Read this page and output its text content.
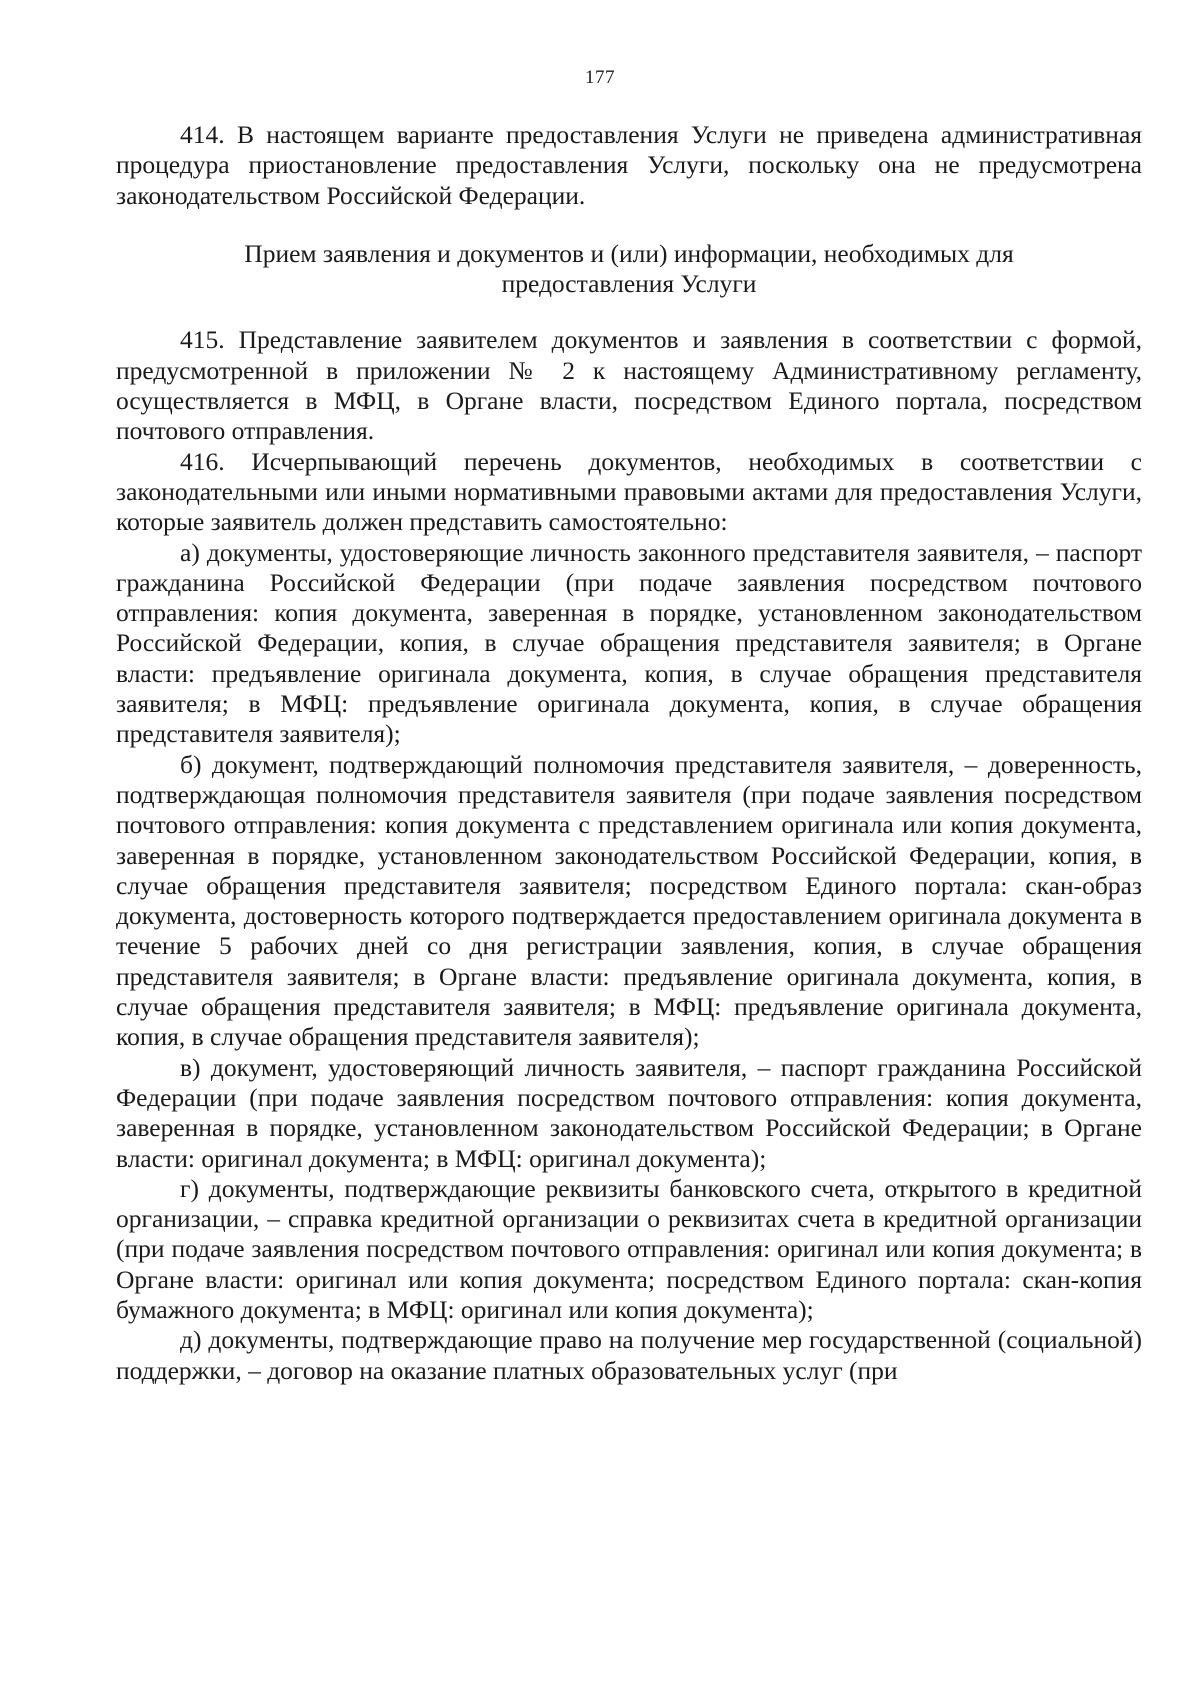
177

414. В настоящем варианте предоставления Услуги не приведена административная процедура приостановление предоставления Услуги, поскольку она не предусмотрена законодательством Российской Федерации.

Прием заявления и документов и (или) информации, необходимых для предоставления Услуги

415. Представление заявителем документов и заявления в соответствии с формой, предусмотренной в приложении № 2 к настоящему Административному регламенту, осуществляется в МФЦ, в Органе власти, посредством Единого портала, посредством почтового отправления.

416. Исчерпывающий перечень документов, необходимых в соответствии с законодательными или иными нормативными правовыми актами для предоставления Услуги, которые заявитель должен представить самостоятельно:

а) документы, удостоверяющие личность законного представителя заявителя, – паспорт гражданина Российской Федерации (при подаче заявления посредством почтового отправления: копия документа, заверенная в порядке, установленном законодательством Российской Федерации, копия, в случае обращения представителя заявителя; в Органе власти: предъявление оригинала документа, копия, в случае обращения представителя заявителя; в МФЦ: предъявление оригинала документа, копия, в случае обращения представителя заявителя);

б) документ, подтверждающий полномочия представителя заявителя, – доверенность, подтверждающая полномочия представителя заявителя (при подаче заявления посредством почтового отправления: копия документа с представлением оригинала или копия документа, заверенная в порядке, установленном законодательством Российской Федерации, копия, в случае обращения представителя заявителя; посредством Единого портала: скан-образ документа, достоверность которого подтверждается предоставлением оригинала документа в течение 5 рабочих дней со дня регистрации заявления, копия, в случае обращения представителя заявителя; в Органе власти: предъявление оригинала документа, копия, в случае обращения представителя заявителя; в МФЦ: предъявление оригинала документа, копия, в случае обращения представителя заявителя);

в) документ, удостоверяющий личность заявителя, – паспорт гражданина Российской Федерации (при подаче заявления посредством почтового отправления: копия документа, заверенная в порядке, установленном законодательством Российской Федерации; в Органе власти: оригинал документа; в МФЦ: оригинал документа);

г) документы, подтверждающие реквизиты банковского счета, открытого в кредитной организации, – справка кредитной организации о реквизитах счета в кредитной организации (при подаче заявления посредством почтового отправления: оригинал или копия документа; в Органе власти: оригинал или копия документа; посредством Единого портала: скан-копия бумажного документа; в МФЦ: оригинал или копия документа);

д) документы, подтверждающие право на получение мер государственной (социальной) поддержки, – договор на оказание платных образовательных услуг (при
